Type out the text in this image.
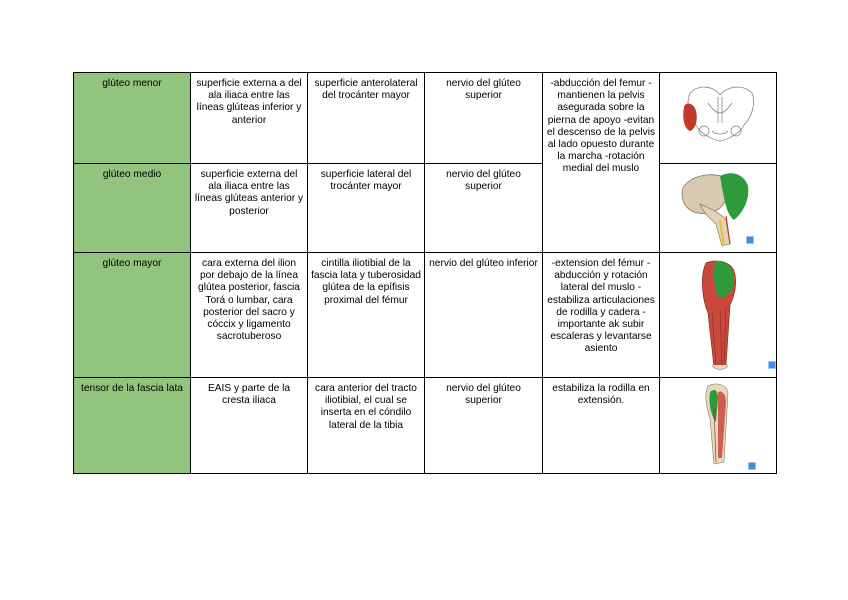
glúteo menor	superficie externa a del ala iliaca entre las líneas glúteas inferior y anterior	superficie anterolateral del trocánter mayor	nervio del glúteo superior	-abducción del femur -mantienen la pelvis asegurada sobre la pierna de apoyo -evitan el descenso de la pelvis al lado opuesto durante la marcha -rotación medial del muslo	

glúteo medio	superficie externa del ala iliaca entre las líneas glúteas anterior y posterior	superficie lateral del trocánter mayor	nervio del glúteo superior	

glúteo mayor	cara externa del ilion por debajo de la línea glútea posterior, fascia Torá o lumbar, cara posterior del sacro y cóccix y ligamento sacrotuberoso	cintilla iliotibial de la fascia lata y tuberosidad glútea de la epífisis proximal del fémur	nervio del glúteo inferior	-extension del fémur -abducción y rotación lateral del muslo -estabiliza articulaciones de rodilla y cadera -importante ak subir escaleras y levantarse asiento	

tensor de la fascia lata	EAIS y parte de la cresta iliaca	cara anterior del tracto iliotibial, el cual se inserta en el cóndilo lateral de la tibia	nervio del glúteo superior	estabiliza la rodilla en extensión.	
